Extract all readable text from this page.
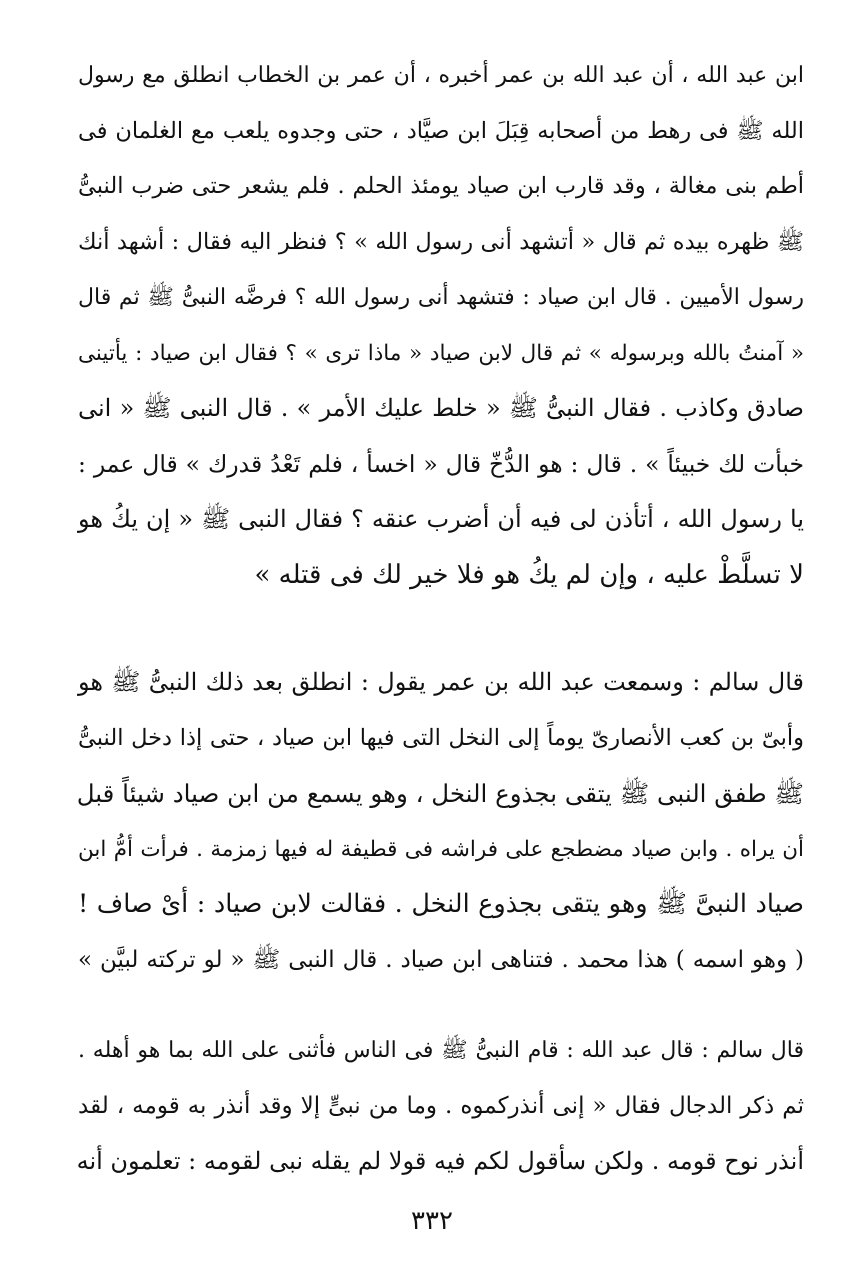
ابن عبد الله ، أن عبد الله بن عمر أخبره ، أن عمر بن الخطاب انطلق مع رسول
الله ﷺ فى رهط من أصحابه قِبَلَ ابن صيَّاد ، حتى وجدوه يلعب مع الغلمان فى
أطم بنى مغالة ، وقد قارب ابن صياد يومئذ الحلم . فلم يشعر حتى ضرب النبىُّ
ﷺ ظهره بيده ثم قال « أتشهد أنى رسول الله » ؟ فنظر اليه فقال : أشهد أنك
رسول الأميين . قال ابن صياد : فتشهد أنى رسول الله ؟ فرضَّه النبىُّ ﷺ ثم قال
« آمنتُ بالله وبرسوله » ثم قال لابن صياد « ماذا ترى » ؟ فقال ابن صياد : يأتينى
صادق وكاذب . فقال النبىُّ ﷺ « خلط عليك الأمر » . قال النبى ﷺ « انى
خبأت لك خبيئاً » . قال : هو الدُّخّ قال « اخسأ ، فلم تَعْدُ قدرك » قال عمر :
يا رسول الله ، أتأذن لى فيه أن أضرب عنقه ؟ فقال النبى ﷺ « إن يكُ هو
لا تسلَّطْ عليه ، وإن لم يكُ هو فلا خير لك فى قتله »
قال سالم : وسمعت عبد الله بن عمر يقول : انطلق بعد ذلك النبىُّ ﷺ هو
وأبىّ بن كعب الأنصارىّ يوماً إلى النخل التى فيها ابن صياد ، حتى إذا دخل النبىُّ
ﷺ طفق النبى ﷺ يتقى بجذوع النخل ، وهو يسمع من ابن صياد شيئاً قبل
أن يراه . وابن صياد مضطجع على فراشه فى قطيفة له فيها زمزمة . فرأت أمُّ ابن
صياد النبىَّ ﷺ وهو يتقى بجذوع النخل . فقالت لابن صياد : أىْ صاف !
( وهو اسمه ) هذا محمد . فتناهى ابن صياد . قال النبى ﷺ « لو تركته لبيَّن »
قال سالم : قال عبد الله : قام النبىُّ ﷺ فى الناس فأثنى على الله بما هو أهله .
ثم ذكر الدجال فقال « إنى أنذركموه . وما من نبىٍّ إلا وقد أنذر به قومه ، لقد
أنذر نوح قومه . ولكن سأقول لكم فيه قولا لم يقله نبى لقومه : تعلمون أنه
٣٣٢
